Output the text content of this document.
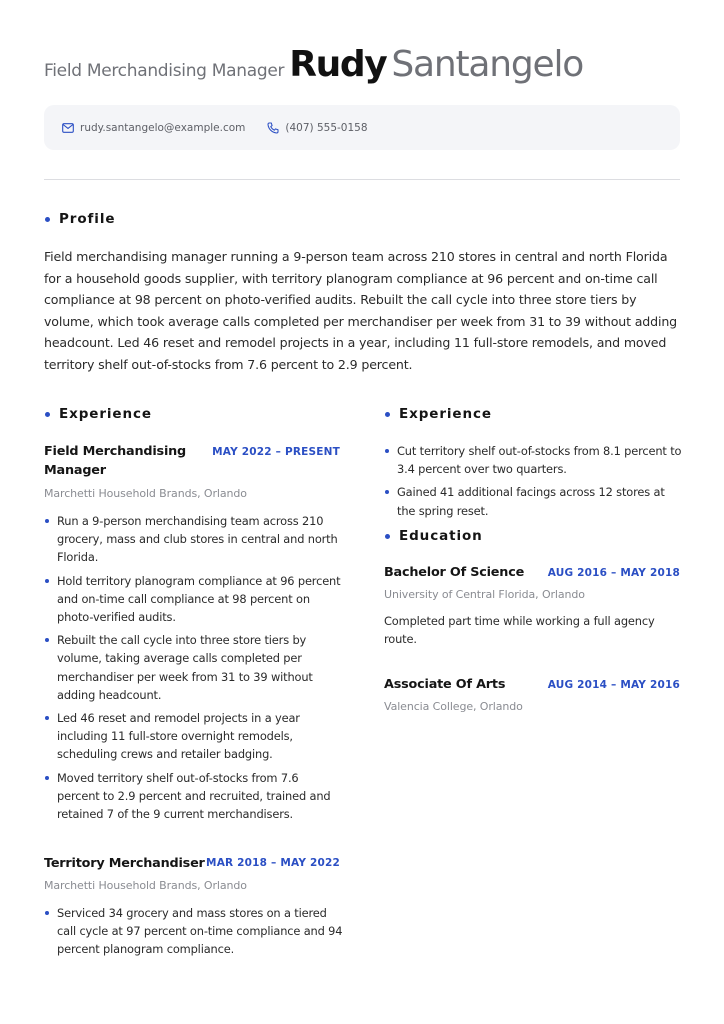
Field Merchandising Manager Rudy Santangelo
rudy.santangelo@example.com	(407) 555-0158
Profile

Field merchandising manager running a 9-person team across 210 stores in central and north Florida for a household goods supplier, with territory planogram compliance at 96 percent and on-time call compliance at 98 percent on photo-verified audits. Rebuilt the call cycle into three store tiers by volume, which took average calls completed per merchandiser per week from 31 to 39 without adding headcount. Led 46 reset and remodel projects in a year, including 11 full-store remodels, and moved territory shelf out-of-stocks from 7.6 percent to 2.9 percent.

Experience
Field Merchandising Manager
MAY 2022 – PRESENT
Marchetti Household Brands, Orlando
Run a 9-person merchandising team across 210 grocery, mass and club stores in central and north Florida.
Hold territory planogram compliance at 96 percent and on-time call compliance at 98 percent on photo-verified audits.
Rebuilt the call cycle into three store tiers by volume, taking average calls completed per merchandiser per week from 31 to 39 without adding headcount.
Led 46 reset and remodel projects in a year including 11 full-store overnight remodels, scheduling crews and retailer badging.
Moved territory shelf out-of-stocks from 7.6 percent to 2.9 percent and recruited, trained and retained 7 of the 9 current merchandisers.
Territory Merchandiser MAR 2018 – MAY 2022
Marchetti Household Brands, Orlando
Serviced 34 grocery and mass stores on a tiered call cycle at 97 percent on-time compliance and 94 percent planogram compliance.
Experience
Cut territory shelf out-of-stocks from 8.1 percent to 3.4 percent over two quarters.
Gained 41 additional facings across 12 stores at the spring reset.
Education
Bachelor Of Science	AUG 2016 – MAY 2018
University of Central Florida, Orlando

Completed part time while working a full agency route.

Associate Of Arts	AUG 2014 – MAY 2016
Valencia College, Orlando
